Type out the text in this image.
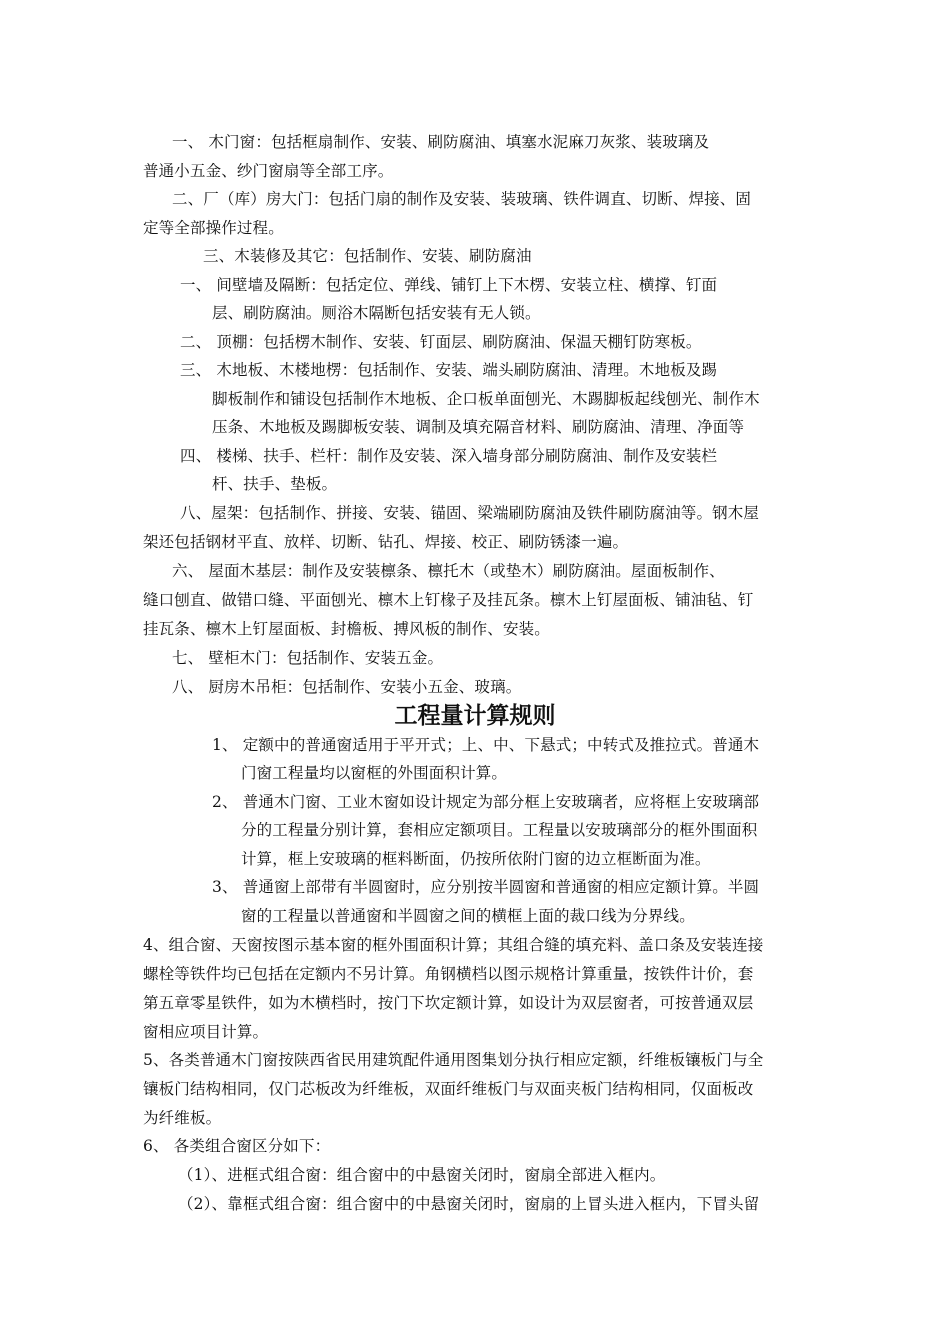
一、 木门窗：包括框扇制作、安装、刷防腐油、填塞水泥麻刀灰浆、装玻璃及
普通小五金、纱门窗扇等全部工序。
二、厂（库）房大门：包括门扇的制作及安装、装玻璃、铁件调直、切断、焊接、固
定等全部操作过程。
三、木装修及其它：包括制作、安装、刷防腐油
一、 间壁墙及隔断：包括定位、弹线、铺钉上下木楞、安装立柱、横撑、钉面
层、刷防腐油。厕浴木隔断包括安装有无人锁。
二、 顶棚：包括楞木制作、安装、钉面层、刷防腐油、保温天棚钉防寒板。
三、 木地板、木楼地楞：包括制作、安装、端头刷防腐油、清理。木地板及踢
脚板制作和铺设包括制作木地板、企口板单面刨光、木踢脚板起线刨光、制作木
压条、木地板及踢脚板安装、调制及填充隔音材料、刷防腐油、清理、净面等
四、 楼梯、扶手、栏杆：制作及安装、深入墙身部分刷防腐油、制作及安装栏
杆、扶手、垫板。
八、屋架：包括制作、拼接、安装、锚固、梁端刷防腐油及铁件刷防腐油等。钢木屋
架还包括钢材平直、放样、切断、钻孔、焊接、校正、刷防锈漆一遍。
六、 屋面木基层：制作及安装檩条、檩托木（或垫木）刷防腐油。屋面板制作、
缝口刨直、做错口缝、平面刨光、檩木上钉椽子及挂瓦条。檩木上钉屋面板、铺油毡、钉
挂瓦条、檩木上钉屋面板、封檐板、搏风板的制作、安装。
七、 壁柜木门：包括制作、安装五金。
八、 厨房木吊柜：包括制作、安装小五金、玻璃。
工程量计算规则
1、 定额中的普通窗适用于平开式；上、中、下悬式；中转式及推拉式。普通木
门窗工程量均以窗框的外围面积计算。
2、 普通木门窗、工业木窗如设计规定为部分框上安玻璃者，应将框上安玻璃部
分的工程量分别计算，套相应定额项目。工程量以安玻璃部分的框外围面积
计算，框上安玻璃的框料断面，仍按所依附门窗的边立框断面为准。
3、 普通窗上部带有半圆窗时，应分别按半圆窗和普通窗的相应定额计算。半圆
窗的工程量以普通窗和半圆窗之间的横框上面的裁口线为分界线。
4、组合窗、天窗按图示基本窗的框外围面积计算；其组合缝的填充料、盖口条及安装连接
螺栓等铁件均已包括在定额内不另计算。角钢横档以图示规格计算重量，按铁件计价，套
第五章零星铁件，如为木横档时，按门下坎定额计算，如设计为双层窗者，可按普通双层
窗相应项目计算。
5、各类普通木门窗按陕西省民用建筑配件通用图集划分执行相应定额，纤维板镶板门与全
镶板门结构相同，仅门芯板改为纤维板，双面纤维板门与双面夹板门结构相同，仅面板改
为纤维板。
6、 各类组合窗区分如下：
（1）、进框式组合窗：组合窗中的中悬窗关闭时，窗扇全部进入框内。
（2）、靠框式组合窗：组合窗中的中悬窗关闭时，窗扇的上冒头进入框内，下冒头留
